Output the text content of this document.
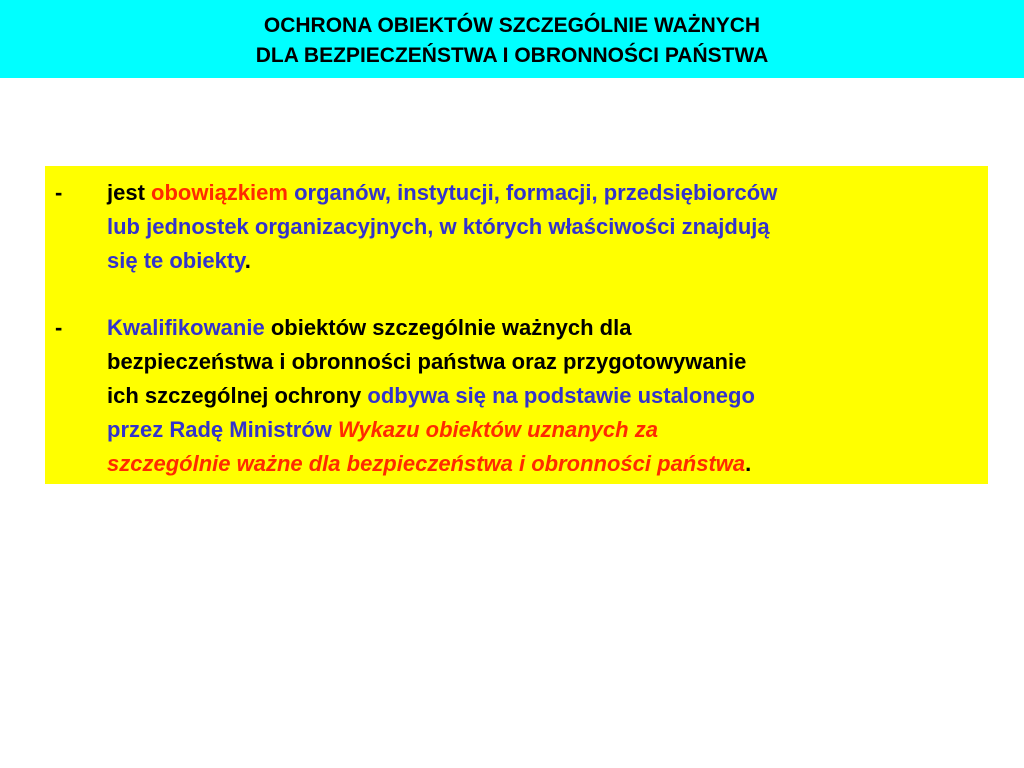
OCHRONA OBIEKTÓW SZCZEGÓLNIE WAŻNYCH
DLA BEZPIECZEŃSTWA I OBRONNOŚCI PAŃSTWA
- jest obowiązkiem organów, instytucji, formacji, przedsiębiorców
lub jednostek organizacyjnych, w których właściwości znajdują
się te obiekty.
- Kwalifikowanie obiektów szczególnie ważnych dla
bezpieczeństwa i obronności państwa oraz przygotowywanie
ich szczególnej ochrony odbywa się na podstawie ustalonego
przez Radę Ministrów Wykazu obiektów uznanych za
szczególnie ważne dla bezpieczeństwa i obronności państwa.
